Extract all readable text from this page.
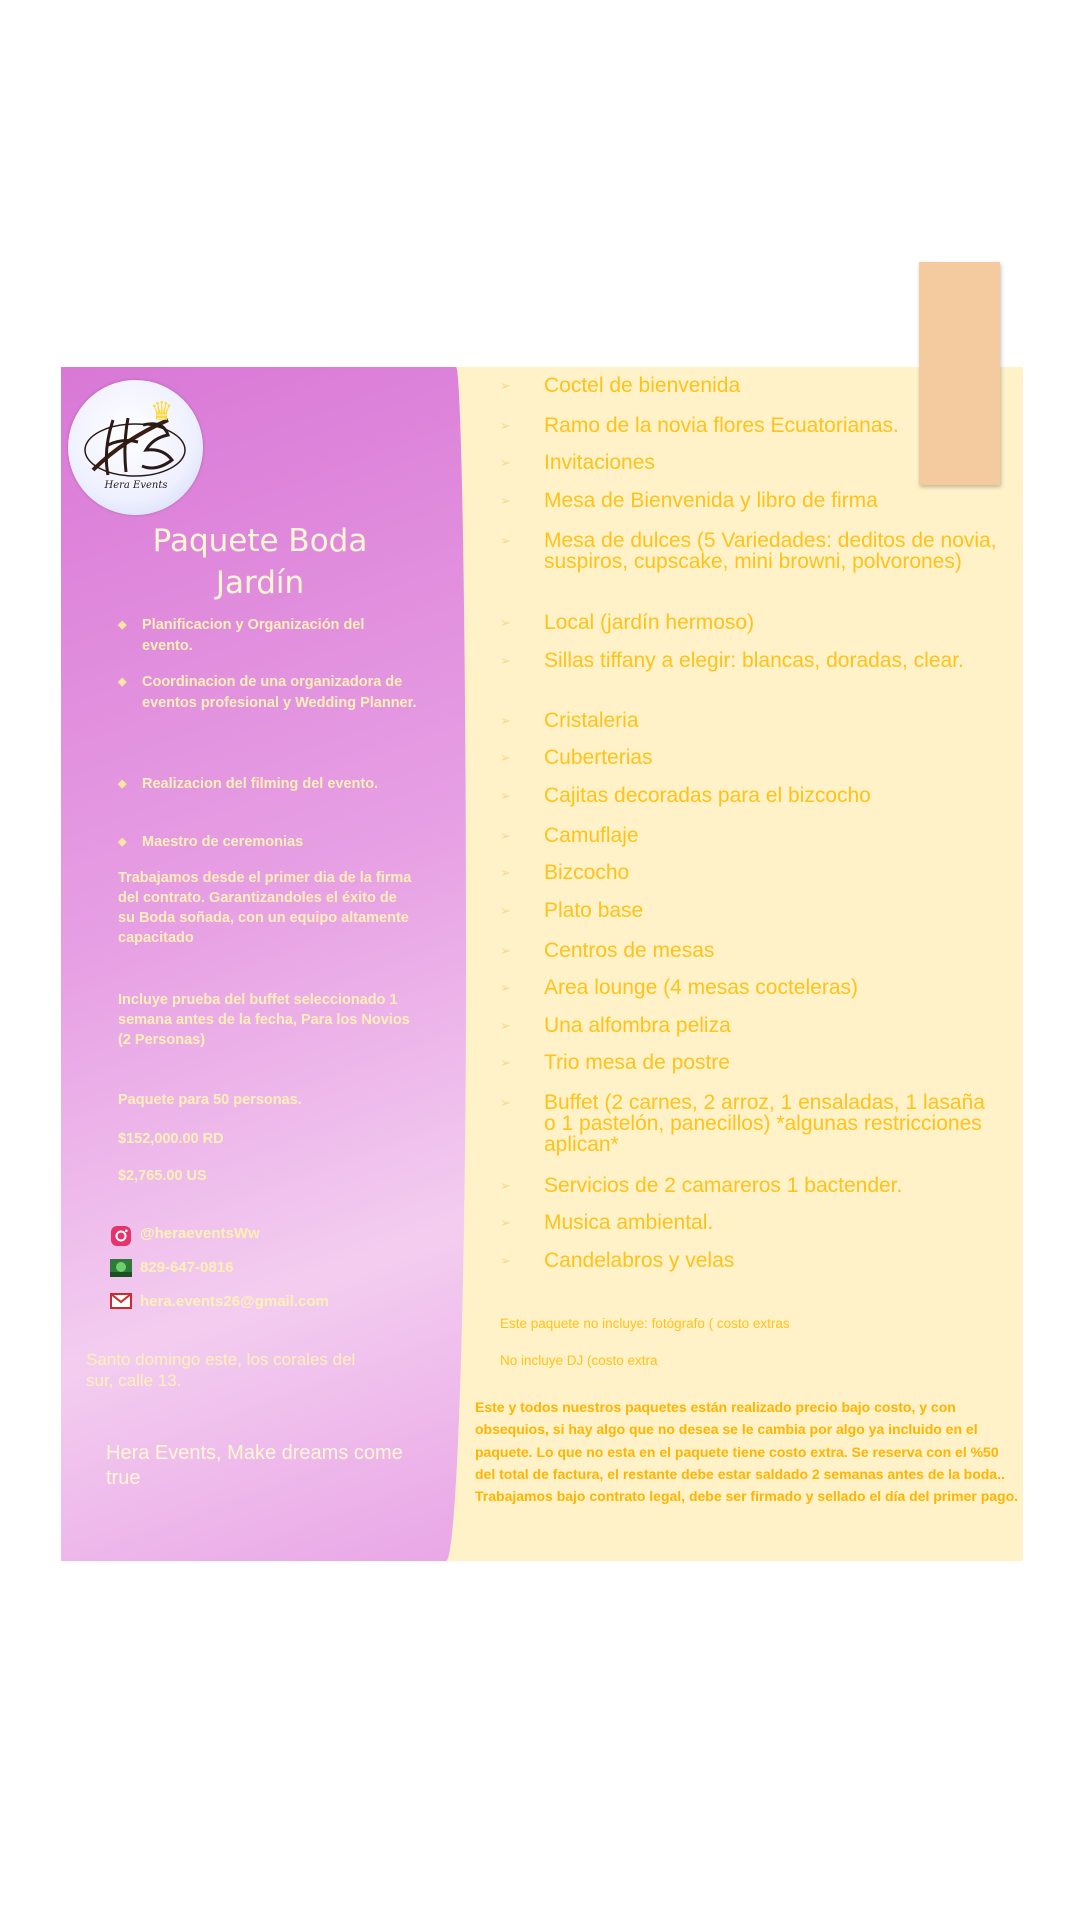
Hera Events
♛
Paquete Boda
Jardín
◆ Planificacion y Organización del evento.
◆ Coordinacion de una organizadora de eventos profesional y Wedding Planner.
◆ Realizacion del filming del evento.
◆ Maestro de ceremonias
Trabajamos desde el primer dia de la firma del contrato. Garantizandoles el éxito de su Boda soñada, con un equipo altamente capacitado
Incluye prueba del buffet seleccionado 1 semana antes de la fecha, Para los Novios (2 Personas)
Paquete para 50 personas.
$152,000.00 RD
$2,765.00 US
@heraeventsWw
829-647-0816
hera.events26@gmail.com
Santo domingo este, los corales del sur, calle 13.
Hera Events, Make dreams come true
➢ Coctel de bienvenida
➢ Ramo de la novia flores Ecuatorianas.
➢ Invitaciones
➢ Mesa de Bienvenida y libro de firma
➢ Mesa de dulces (5 Variedades: deditos de novia, suspiros, cupscake, mini browni, polvorones)
➢ Local (jardín hermoso)
➢ Sillas tiffany a elegir: blancas, doradas, clear.
➢ Cristaleria
➢ Cuberterias
➢ Cajitas decoradas para el bizcocho
➢ Camuflaje
➢ Bizcocho
➢ Plato base
➢ Centros de mesas
➢ Area lounge (4 mesas cocteleras)
➢ Una alfombra peliza
➢ Trio mesa de postre
➢ Buffet (2 carnes, 2 arroz, 1 ensaladas, 1 lasaña o 1 pastelón, panecillos) *algunas restricciones aplican*
➢ Servicios de 2 camareros 1 bactender.
➢ Musica ambiental.
➢ Candelabros y velas
Este paquete no incluye: fotógrafo ( costo extras
No incluye DJ (costo extra
Este y todos nuestros paquetes están realizado precio bajo costo, y con obsequios, si hay algo que no desea se le cambia por algo ya incluido en el paquete. Lo que no esta en el paquete tiene costo extra. Se reserva con el %50 del total de factura, el restante debe estar saldado 2 semanas antes de la boda.. Trabajamos bajo contrato legal, debe ser firmado y sellado el día del primer pago.
